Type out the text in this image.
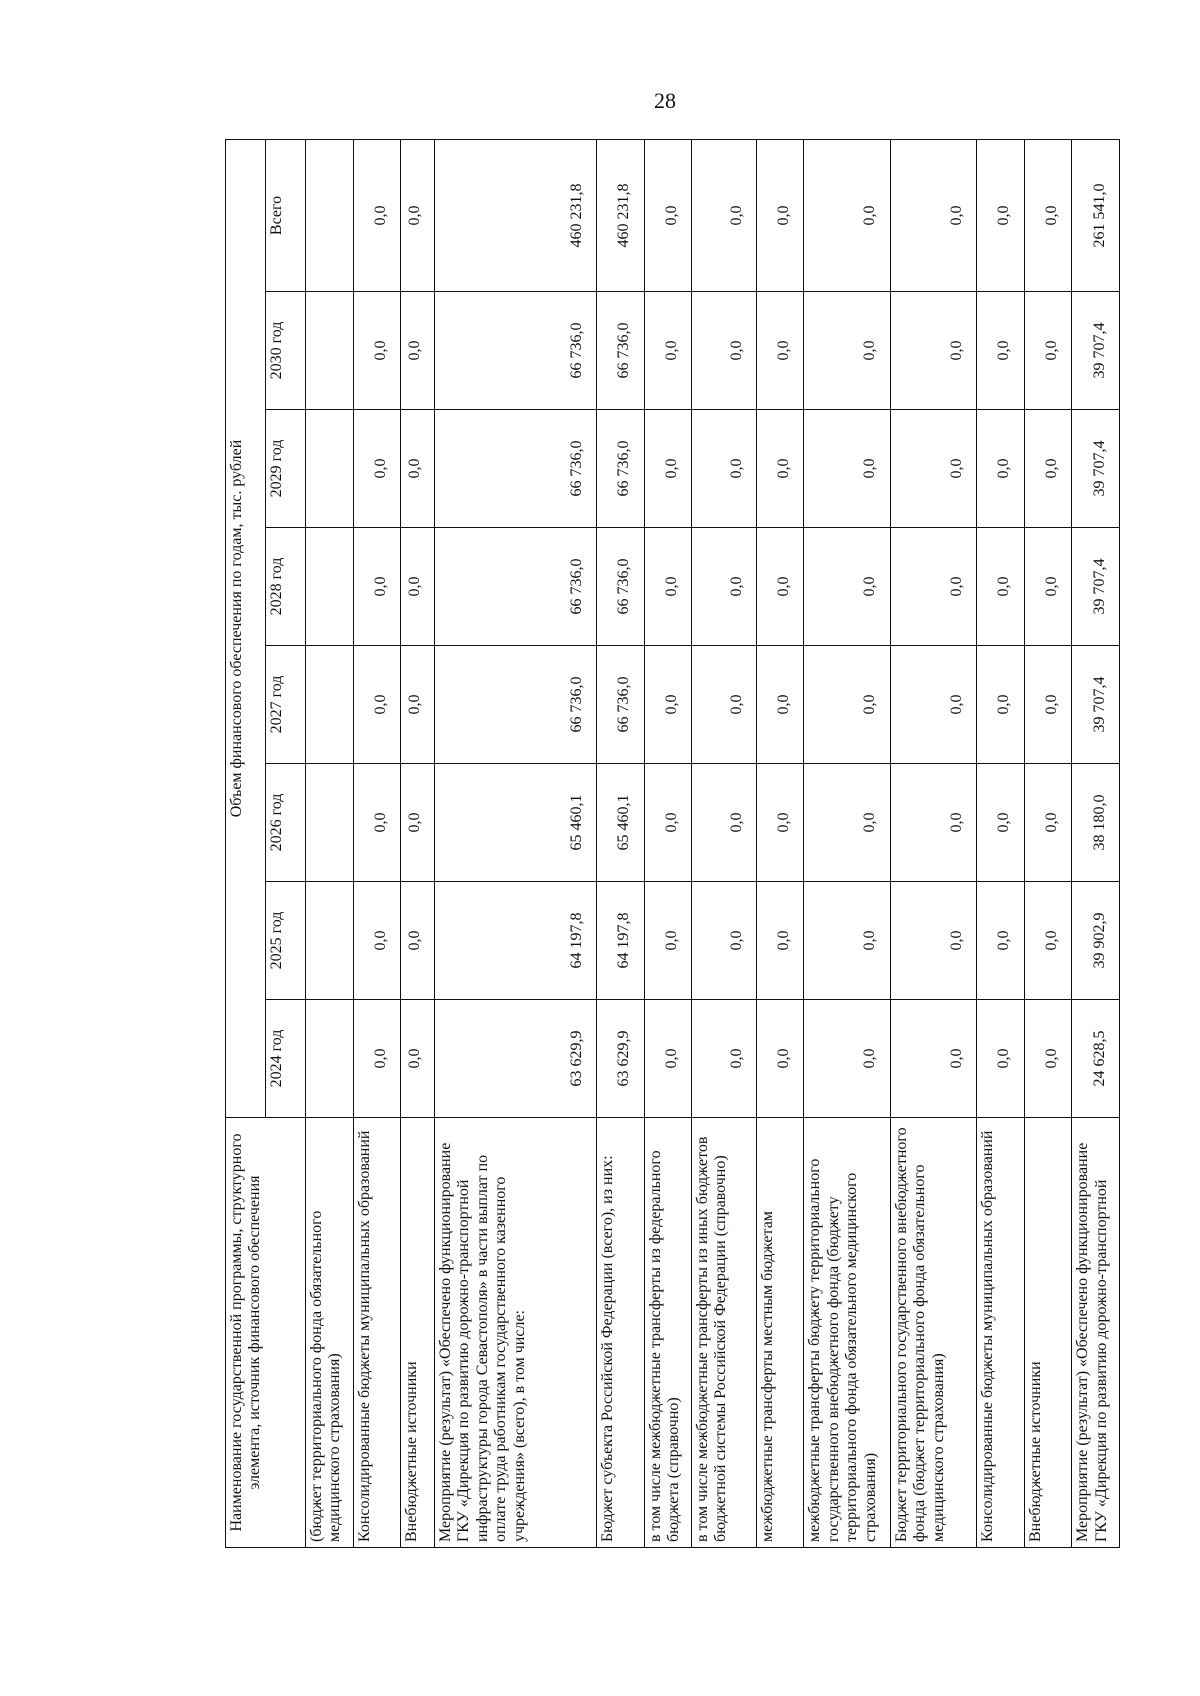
28
Наименование государственной программы, структурного элемента, источник финансового обеспечения	Объем финансового обеспечения по годам, тыс. рублей							
	2024 год	2025 год	2026 год	2027 год	2028 год	2029 год	2030 год	Всего
(бюджет территориального фонда обязательного медицинского страхования)								
Консолидированные бюджеты муниципальных образований	0,0	0,0	0,0	0,0	0,0	0,0	0,0	0,0
Внебюджетные источники	0,0	0,0	0,0	0,0	0,0	0,0	0,0	0,0
Мероприятие (результат) «Обеспечено функционирование ГКУ «Дирекция по развитию дорожно-транспортной инфраструктуры города Севастополя» в части выплат по оплате труда работникам государственного казенного учреждения» (всего), в том числе:	63 629,9	64 197,8	65 460,1	66 736,0	66 736,0	66 736,0	66 736,0	460 231,8
Бюджет субъекта Российской Федерации (всего), из них:	63 629,9	64 197,8	65 460,1	66 736,0	66 736,0	66 736,0	66 736,0	460 231,8
в том числе межбюджетные трансферты из федерального бюджета (справочно)	0,0	0,0	0,0	0,0	0,0	0,0	0,0	0,0
в том числе межбюджетные трансферты из иных бюджетов бюджетной системы Российской Федерации (справочно)	0,0	0,0	0,0	0,0	0,0	0,0	0,0	0,0
межбюджетные трансферты местным бюджетам	0,0	0,0	0,0	0,0	0,0	0,0	0,0	0,0
межбюджетные трансферты бюджету территориального государственного внебюджетного фонда (бюджету территориального фонда обязательного медицинского страхования)	0,0	0,0	0,0	0,0	0,0	0,0	0,0	0,0
Бюджет территориального государственного внебюджетного фонда (бюджет территориального фонда обязательного медицинского страхования)	0,0	0,0	0,0	0,0	0,0	0,0	0,0	0,0
Консолидированные бюджеты муниципальных образований	0,0	0,0	0,0	0,0	0,0	0,0	0,0	0,0
Внебюджетные источники	0,0	0,0	0,0	0,0	0,0	0,0	0,0	0,0
Мероприятие (результат) «Обеспечено функционирование ГКУ «Дирекция по развитию дорожно-транспортной	24 628,5	39 902,9	38 180,0	39 707,4	39 707,4	39 707,4	39 707,4	261 541,0
